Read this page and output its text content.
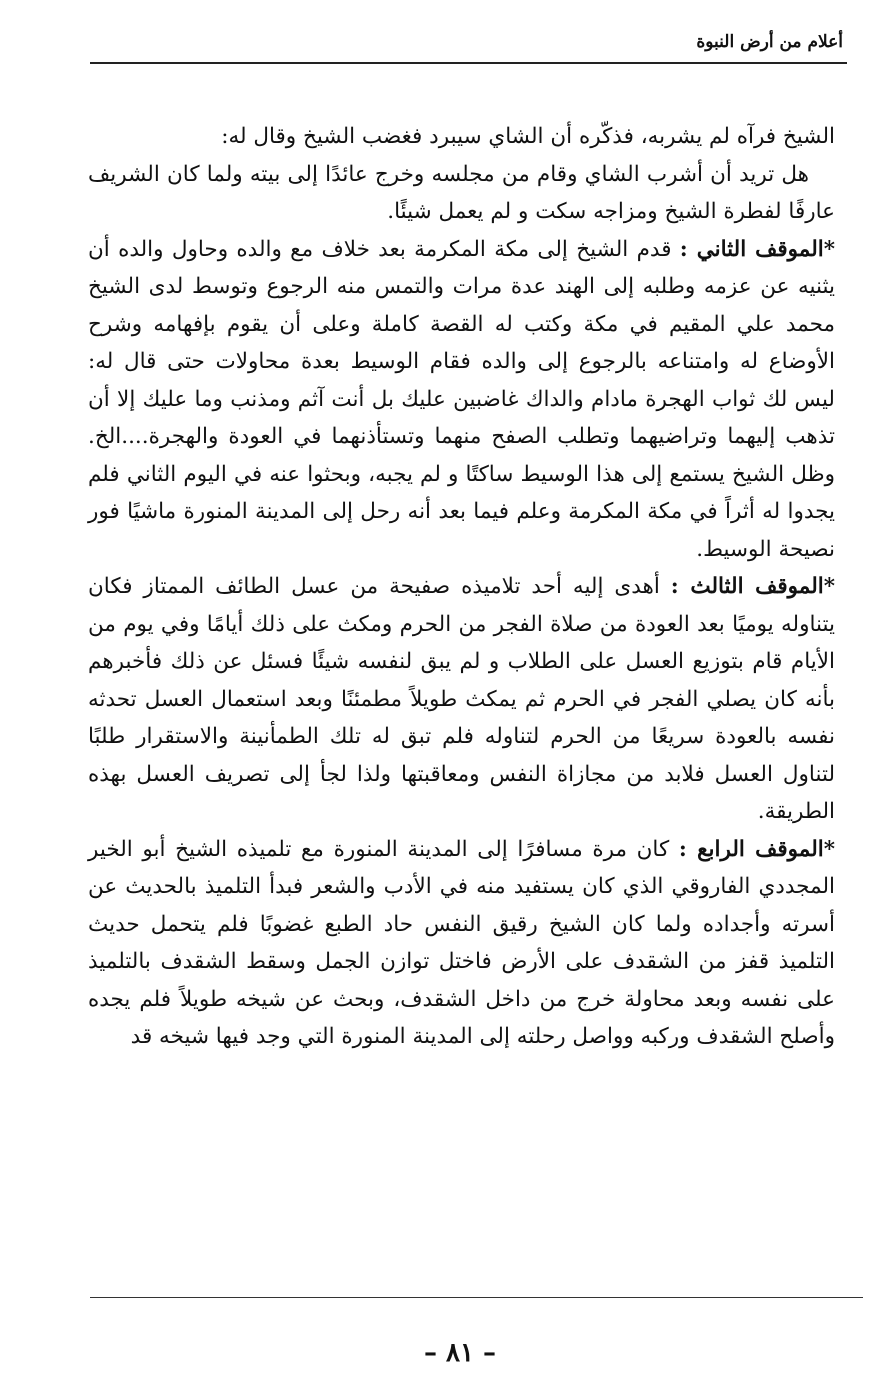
أعلام من أرض النبوة

الشيخ فرآه لم يشربه، فذكّره أن الشاي سيبرد فغضب الشيخ وقال له:

هل تريد أن أشرب الشاي وقام من مجلسه وخرج عائدًا إلى بيته ولما كان الشريف عارفًا لفطرة الشيخ ومزاجه سكت و لم يعمل شيئًا.

*الموقف الثاني : قدم الشيخ إلى مكة المكرمة بعد خلاف مع والده وحاول والده أن يثنيه عن عزمه وطلبه إلى الهند عدة مرات والتمس منه الرجوع وتوسط لدى الشيخ محمد علي المقيم في مكة وكتب له القصة كاملة وعلى أن يقوم بإفهامه وشرح الأوضاع له وامتناعه بالرجوع إلى والده فقام الوسيط بعدة محاولات حتى قال له: ليس لك ثواب الهجرة مادام والداك غاضبين عليك بل أنت آثم ومذنب وما عليك إلا أن تذهب إليهما وتراضيهما وتطلب الصفح منهما وتستأذنهما في العودة والهجرة....الخ. وظل الشيخ يستمع إلى هذا الوسيط ساكتًا و لم يجبه، وبحثوا عنه في اليوم الثاني فلم يجدوا له أثراً في مكة المكرمة وعلم فيما بعد أنه رحل إلى المدينة المنورة ماشيًا فور نصيحة الوسيط.

*الموقف الثالث : أهدى إليه أحد تلاميذه صفيحة من عسل الطائف الممتاز فكان يتناوله يوميًا بعد العودة من صلاة الفجر من الحرم ومكث على ذلك أيامًا وفي يوم من الأيام قام بتوزيع العسل على الطلاب و لم يبق لنفسه شيئًا فسئل عن ذلك فأخبرهم بأنه كان يصلي الفجر في الحرم ثم يمكث طويلاً مطمئنًا وبعد استعمال العسل تحدثه نفسه بالعودة سريعًا من الحرم لتناوله فلم تبق له تلك الطمأنينة والاستقرار طلبًا لتناول العسل فلابد من مجازاة النفس ومعاقبتها ولذا لجأ إلى تصريف العسل بهذه الطريقة.

*الموقف الرابع : كان مرة مسافرًا إلى المدينة المنورة مع تلميذه الشيخ أبو الخير المجددي الفاروقي الذي كان يستفيد منه في الأدب والشعر فبدأ التلميذ بالحديث عن أسرته وأجداده ولما كان الشيخ رقيق النفس حاد الطبع غضوبًا فلم يتحمل حديث التلميذ قفز من الشقدف على الأرض فاختل توازن الجمل وسقط الشقدف بالتلميذ على نفسه وبعد محاولة خرج من داخل الشقدف، وبحث عن شيخه طويلاً فلم يجده وأصلح الشقدف وركبه وواصل رحلته إلى المدينة المنورة التي وجد فيها شيخه قد

– ٨١ –
